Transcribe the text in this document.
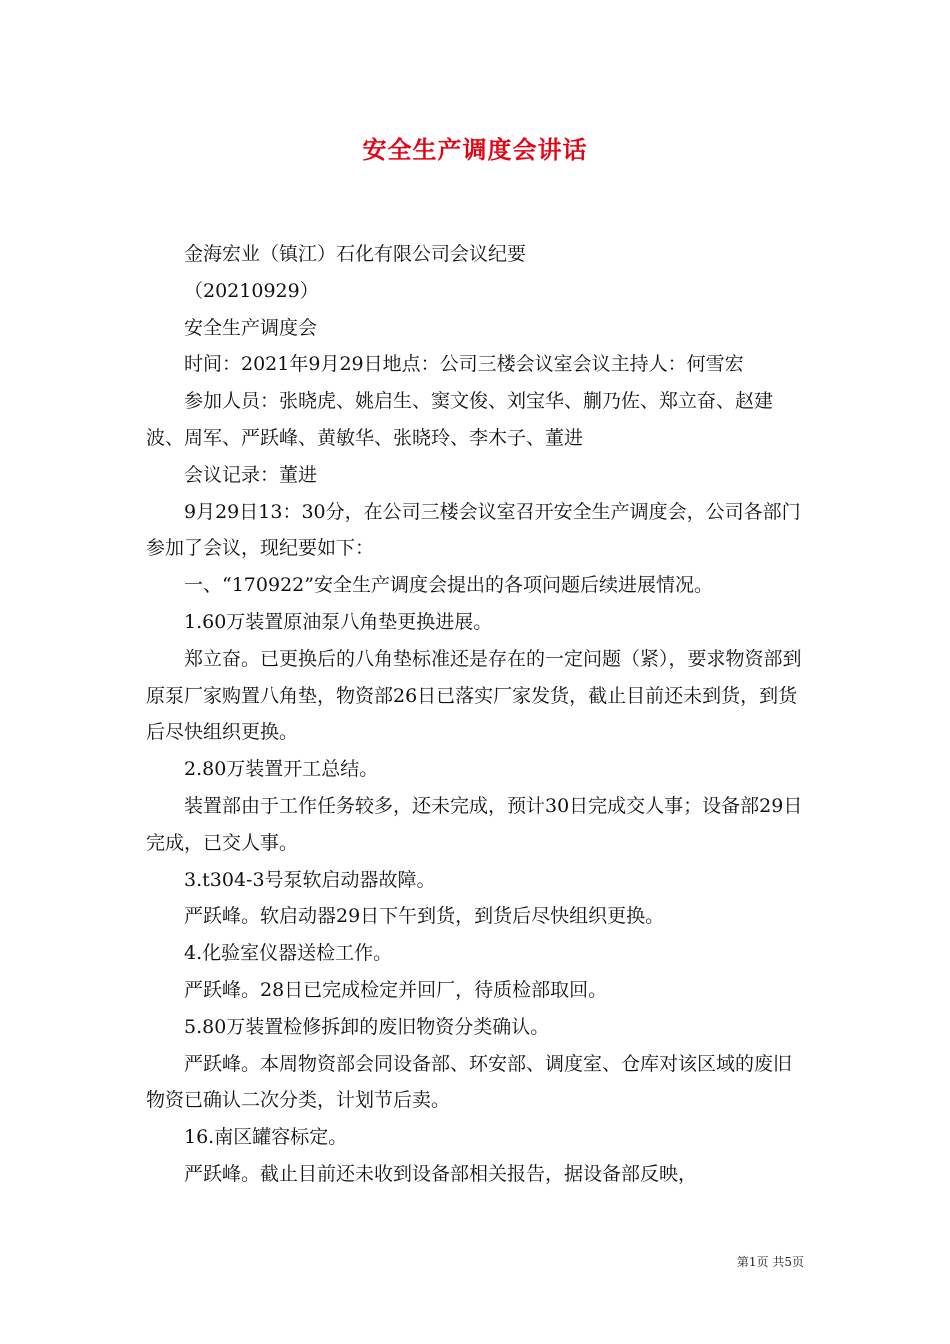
安全生产调度会讲话

金海宏业（镇江）石化有限公司会议纪要

（20210929）

安全生产调度会

时间：2021年9月29日地点：公司三楼会议室会议主持人：何雪宏

参加人员：张晓虎、姚启生、窦文俊、刘宝华、蒯乃佐、郑立奋、赵建波、周军、严跃峰、黄敏华、张晓玲、李木子、董进

会议记录：董进

9月29日13：30分，在公司三楼会议室召开安全生产调度会，公司各部门参加了会议，现纪要如下：

一、“170922”安全生产调度会提出的各项问题后续进展情况。

1.60万装置原油泵八角垫更换进展。

郑立奋。已更换后的八角垫标准还是存在的一定问题（紧），要求物资部到原泵厂家购置八角垫，物资部26日已落实厂家发货，截止目前还未到货，到货后尽快组织更换。

2.80万装置开工总结。

装置部由于工作任务较多，还未完成，预计30日完成交人事；设备部29日完成，已交人事。

3.t304-3号泵软启动器故障。

严跃峰。软启动器29日下午到货，到货后尽快组织更换。

4.化验室仪器送检工作。

严跃峰。28日已完成检定并回厂，待质检部取回。

5.80万装置检修拆卸的废旧物资分类确认。

严跃峰。本周物资部会同设备部、环安部、调度室、仓库对该区域的废旧物资已确认二次分类，计划节后卖。

16.南区罐容标定。

严跃峰。截止目前还未收到设备部相关报告，据设备部反映，

第1页 共5页
